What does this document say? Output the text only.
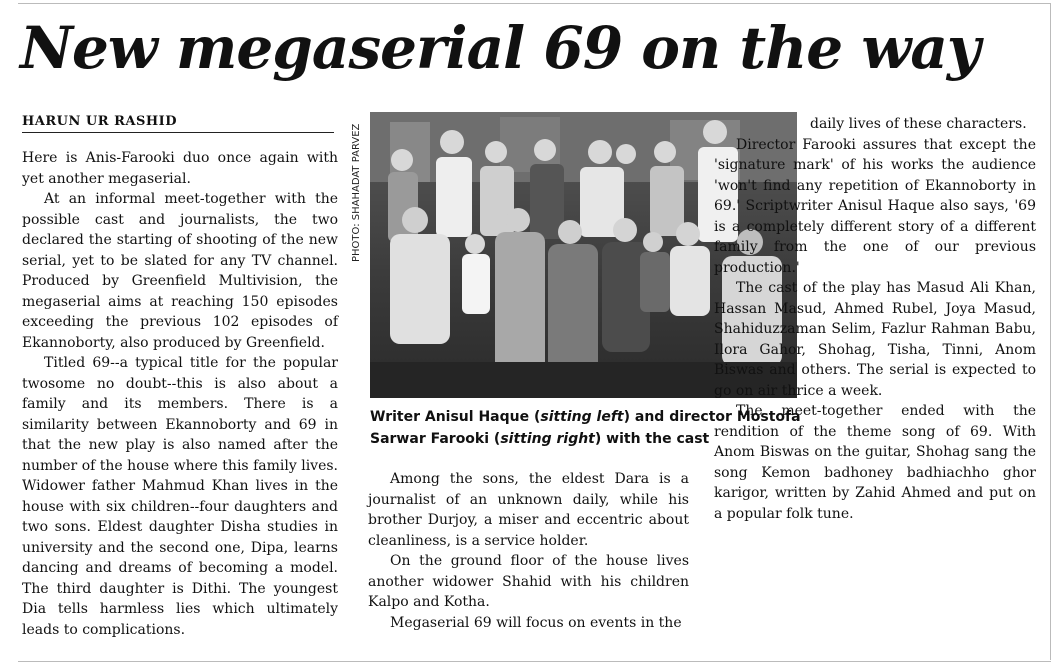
New megaserial 69 on the way
HARUN UR RASHID

Here is Anis-Farooki duo once again with yet another megaserial.

At an informal meet-together with the possible cast and journalists, the two declared the starting of shooting of the new serial, yet to be slated for any TV channel. Produced by Greenfield Multivision, the megaserial aims at reaching 150 episodes exceeding the previous 102 episodes of Ekannoborty, also produced by Greenfield.

Titled 69--a typical title for the popular twosome no doubt--this is also about a family and its members. There is a similarity between Ekannoborty and 69 in that the new play is also named after the number of the house where this family lives. Widower father Mahmud Khan lives in the house with six children--four daughters and two sons. Eldest daughter Disha studies in university and the second one, Dipa, learns dancing and dreams of becoming a model. The third daughter is Dithi. The youngest Dia tells harmless lies which ultimately leads to complications.

PHOTO: SHAHADAT PARVEZ
Writer Anisul Haque (sitting left) and director Mostofa Sarwar Farooki (sitting right) with the cast

Among the sons, the eldest Dara is a journalist of an unknown daily, while his brother Durjoy, a miser and eccentric about cleanliness, is a service holder.

On the ground floor of the house lives another widower Shahid with his children Kalpo and Kotha.

Megaserial 69 will focus on events in the

daily lives of these characters.

Director Farooki assures that except the 'signature mark' of his works the audience 'won't find any repetition of Ekannoborty in 69.' Scriptwriter Anisul Haque also says, '69 is a completely different story of a different family from the one of our previous production.'

The cast of the play has Masud Ali Khan, Hassan Masud, Ahmed Rubel, Joya Masud, Shahiduzzaman Selim, Fazlur Rahman Babu, Ilora Gahor, Shohag, Tisha, Tinni, Anom Biswas and others. The serial is expected to go on air thrice a week.

The meet-together ended with the rendition of the theme song of 69. With Anom Biswas on the guitar, Shohag sang the song Kemon badhoney badhiachho ghor karigor, written by Zahid Ahmed and put on a popular folk tune.
